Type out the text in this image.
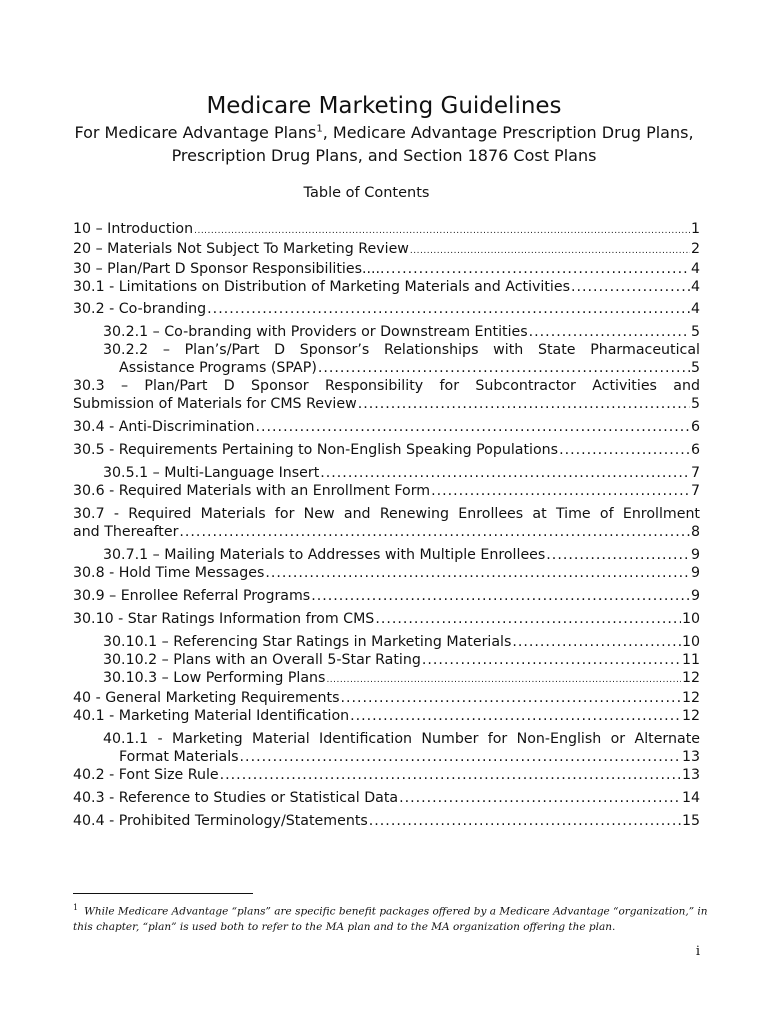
Medicare Marketing Guidelines
For Medicare Advantage Plans$^1$, Medicare Advantage Prescription Drug Plans, Prescription Drug Plans, and Section 1876 Cost Plans
Table of Contents
10 – Introduction .....	1
20 – Materials Not Subject To Marketing Review .....	2
30 – Plan/Part D Sponsor Responsibilities..... .....	4
30.1 - Limitations on Distribution of Marketing Materials and Activities .....	4
30.2 - Co-branding .....	4
30.2.1 – Co-branding with Providers or Downstream Entities .....	5
30.2.2 – Plan’s/Part D Sponsor’s Relationships with State Pharmaceutical
Assistance Programs (SPAP) .....	5
30.3 – Plan/Part D Sponsor Responsibility for Subcontractor Activities and
Submission of Materials for CMS Review .....	5
30.4 - Anti-Discrimination .....	6
30.5 - Requirements Pertaining to Non-English Speaking Populations .....	6
30.5.1 – Multi-Language Insert .....	7
30.6 - Required Materials with an Enrollment Form .....	7
30.7 - Required Materials for New and Renewing Enrollees at Time of Enrollment
and Thereafter .....	8
30.7.1 – Mailing Materials to Addresses with Multiple Enrollees .....	9
30.8 - Hold Time Messages .....	9
30.9 – Enrollee Referral Programs .....	9
30.10 - Star Ratings Information from CMS .....	10
30.10.1 – Referencing Star Ratings in Marketing Materials .....	10
30.10.2 – Plans with an Overall 5-Star Rating .....	11
30.10.3 – Low Performing Plans .....	12
40 - General Marketing Requirements .....	12
40.1 - Marketing Material Identification .....	12
40.1.1 - Marketing Material Identification Number for Non-English or Alternate
Format Materials .....	13
40.2 - Font Size Rule .....	13
40.3 - Reference to Studies or Statistical Data .....	14
40.4 - Prohibited Terminology/Statements .....	15
$^1$ While Medicare Advantage “plans” are specific benefit packages offered by a Medicare Advantage “organization,” in this chapter, “plan” is used both to refer to the MA plan and to the MA organization offering the plan.
i
